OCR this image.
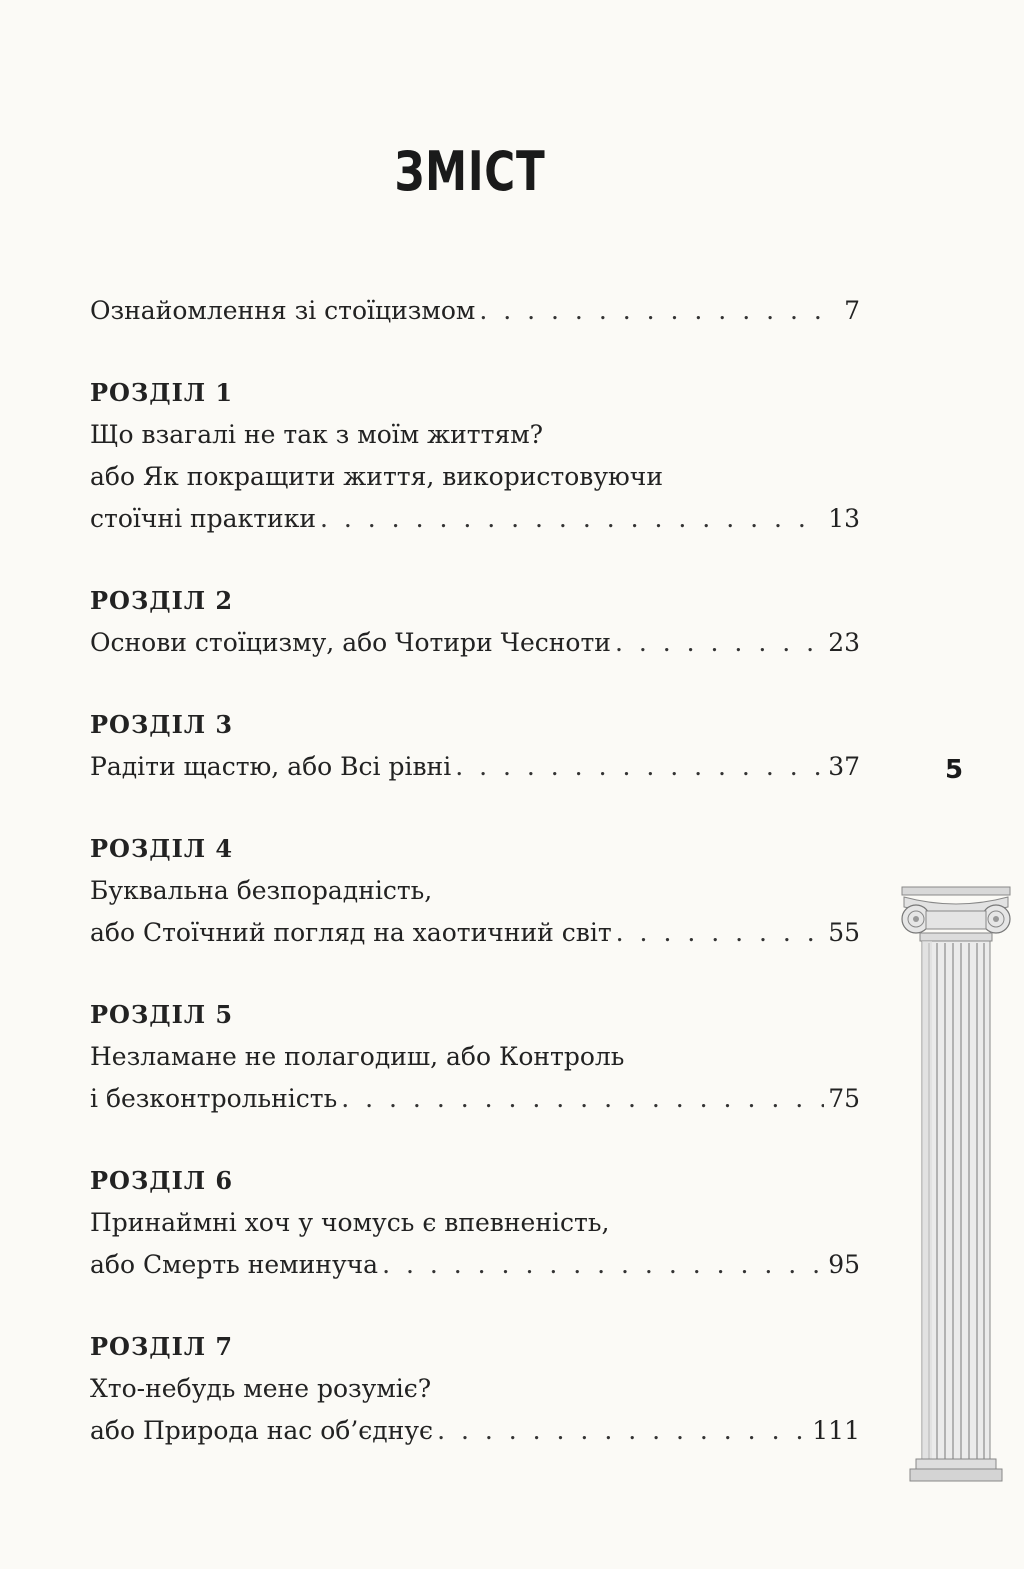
ЗМІСТ
Ознайомлення зі стоїцизмом . . .	7
РОЗДІЛ 1
Що взагалі не так з моїм життям?
або Як покращити життя, використовуючи
стоїчні практики . . .	13
РОЗДІЛ 2
Основи стоїцизму, або Чотири Чесноти . . .	23
РОЗДІЛ 3
Радіти щастю, або Всі рівні . . .	37
РОЗДІЛ 4
Буквальна безпорадність,
або Стоїчний погляд на хаотичний світ . . .	55
РОЗДІЛ 5
Незламане не полагодиш, або Контроль
і безконтрольність . . .	75
РОЗДІЛ 6
Принаймні хоч у чомусь є впевненість,
або Смерть неминуча . . .	95
РОЗДІЛ 7
Хто-небудь мене розуміє?
або Природа нас об’єднує . . .	111
5
